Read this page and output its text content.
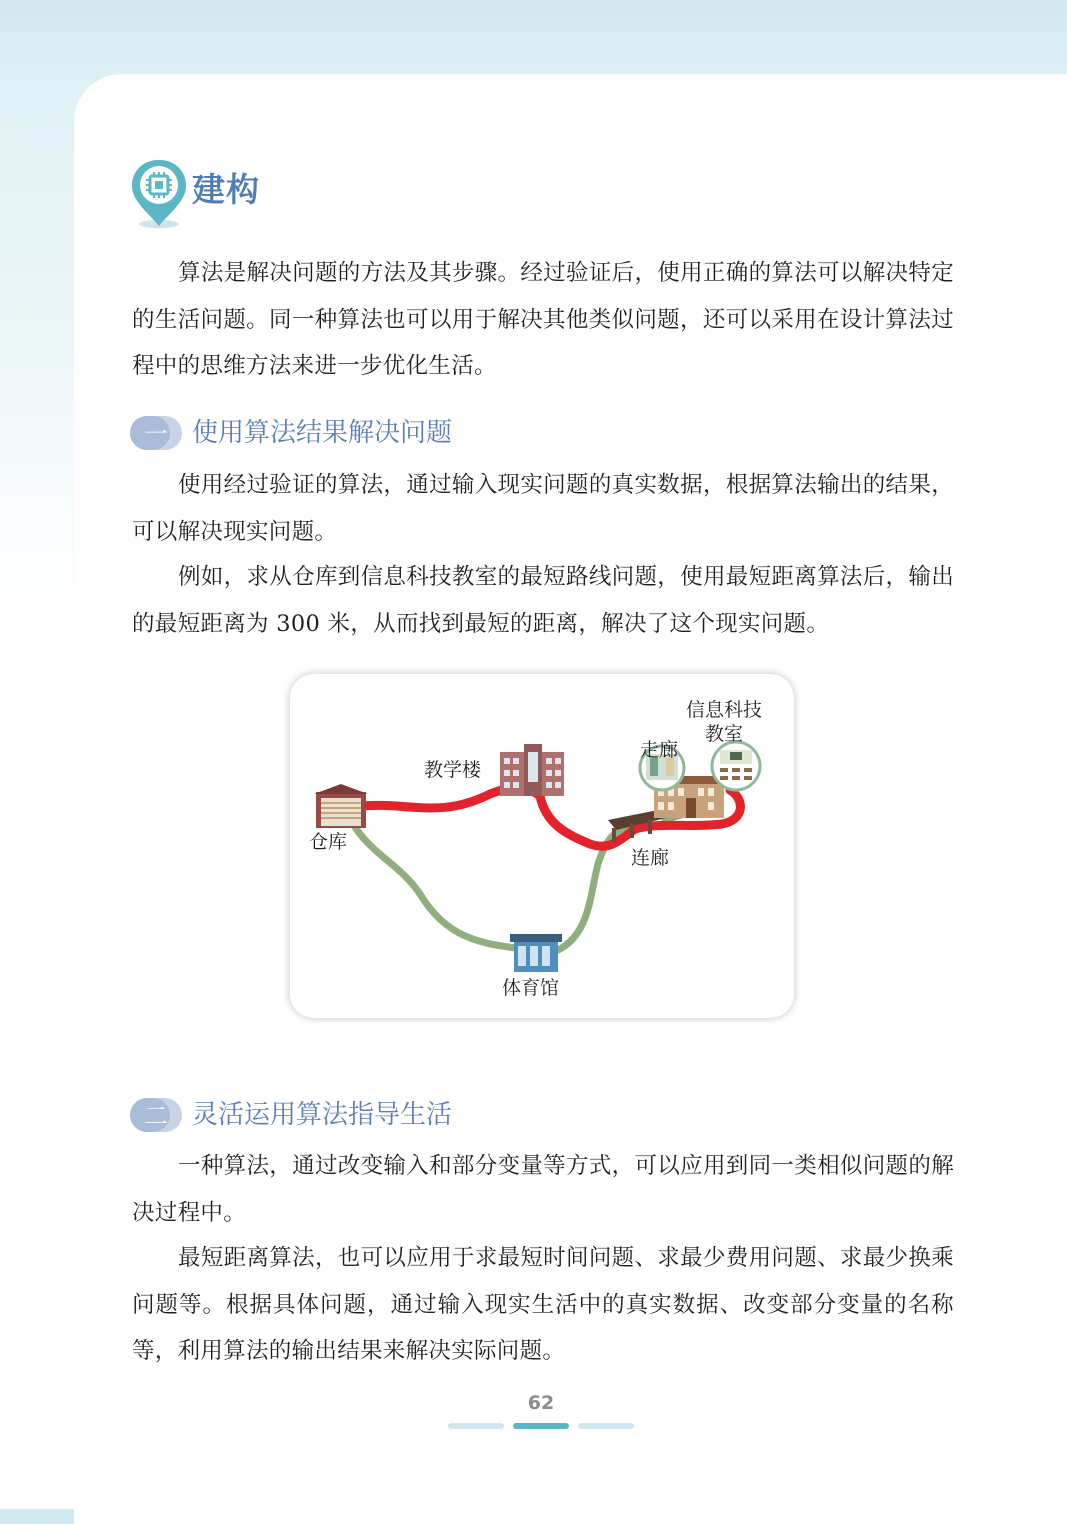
建构

算法是解决问题的方法及其步骤。经过验证后，使用正确的算法可以解决特定的生活问题。同一种算法也可以用于解决其他类似问题，还可以采用在设计算法过程中的思维方法来进一步优化生活。

一 使用算法结果解决问题

使用经过验证的算法，通过输入现实问题的真实数据，根据算法输出的结果，可以解决现实问题。

例如，求从仓库到信息科技教室的最短路线问题，使用最短距离算法后，输出的最短距离为 300 米，从而找到最短的距离，解决了这个现实问题。

仓库
教学楼
连廊
走廊
信息科技
教室
体育馆
二 灵活运用算法指导生活

一种算法，通过改变输入和部分变量等方式，可以应用到同一类相似问题的解决过程中。

最短距离算法，也可以应用于求最短时间问题、求最少费用问题、求最少换乘问题等。根据具体问题，通过输入现实生活中的真实数据、改变部分变量的名称等，利用算法的输出结果来解决实际问题。

62
